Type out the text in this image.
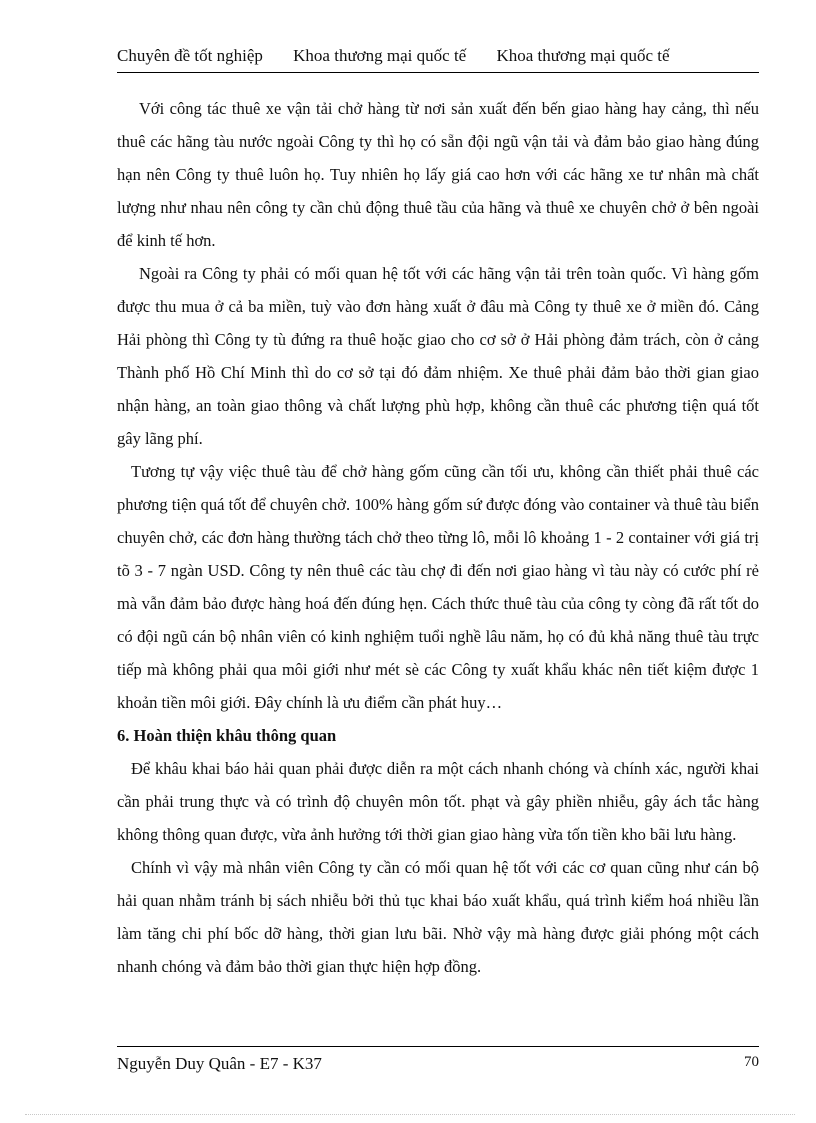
Chuyên đề tốt nghiệp Khoa thương mại quốc tế Khoa thương mại quốc tế

Với công tác thuê xe vận tải chở hàng từ nơi sản xuất đến bến giao hàng hay cảng, thì nếu thuê các hãng tàu nước ngoài Công ty thì họ có sẵn đội ngũ vận tải và đảm bảo giao hàng đúng hạn nên Công ty thuê luôn họ. Tuy nhiên họ lấy giá cao hơn với các hãng xe tư nhân mà chất lượng như nhau nên công ty cần chủ động thuê tầu của hãng và thuê xe chuyên chở ở bên ngoài để kinh tế hơn.

Ngoài ra Công ty phải có mối quan hệ tốt với các hãng vận tải trên toàn quốc. Vì hàng gốm được thu mua ở cả ba miền, tuỳ vào đơn hàng xuất ở đâu mà Công ty thuê xe ở miền đó. Cảng Hải phòng thì Công ty tù đứng ra thuê hoặc giao cho cơ sở ở Hải phòng đảm trách, còn ở cảng Thành phố Hồ Chí Minh thì do cơ sở tại đó đảm nhiệm. Xe thuê phải đảm bảo thời gian giao nhận hàng, an toàn giao thông và chất lượng phù hợp, không cần thuê các phương tiện quá tốt gây lãng phí.

Tương tự vậy việc thuê tàu để chở hàng gốm cũng cần tối ưu, không cần thiết phải thuê các phương tiện quá tốt để chuyên chở. 100% hàng gốm sứ được đóng vào container và thuê tàu biển chuyên chở, các đơn hàng thường tách chở theo từng lô, mỗi lô khoảng 1 - 2 container với giá trị tõ 3 - 7 ngàn USD. Công ty nên thuê các tàu chợ đi đến nơi giao hàng vì tàu này có cước phí rẻ mà vẫn đảm bảo được hàng hoá đến đúng hẹn. Cách thức thuê tàu của công ty còng đã rất tốt do có đội ngũ cán bộ nhân viên có kinh nghiệm tuổi nghề lâu năm, họ có đủ khả năng thuê tàu trực tiếp mà không phải qua môi giới như mét sè các Công ty xuất khẩu khác nên tiết kiệm được 1 khoản tiền môi giới. Đây chính là ưu điểm cần phát huy…

6. Hoàn thiện khâu thông quan

Để khâu khai báo hải quan phải được diễn ra một cách nhanh chóng và chính xác, người khai cần phải trung thực và có trình độ chuyên môn tốt. phạt và gây phiền nhiễu, gây ách tắc hàng không thông quan được, vừa ảnh hưởng tới thời gian giao hàng vừa tốn tiền kho bãi lưu hàng.

Chính vì vậy mà nhân viên Công ty cần có mối quan hệ tốt với các cơ quan cũng như cán bộ hải quan nhằm tránh bị sách nhiễu bởi thủ tục khai báo xuất khẩu, quá trình kiểm hoá nhiều lần làm tăng chi phí bốc dỡ hàng, thời gian lưu bãi. Nhờ vậy mà hàng được giải phóng một cách nhanh chóng và đảm bảo thời gian thực hiện hợp đồng.

Nguyễn Duy Quân - E7 - K37	70
